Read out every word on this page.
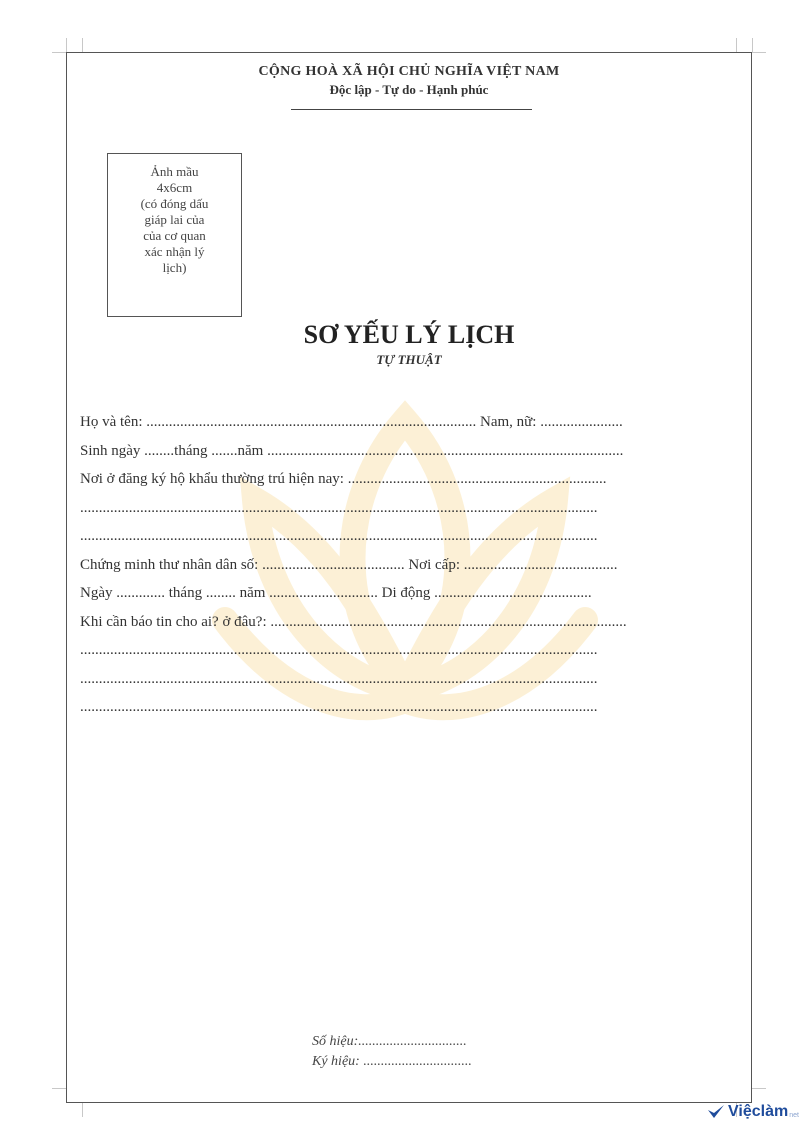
CỘNG HOÀ XÃ HỘI CHỦ NGHĨA VIỆT NAM
Độc lập - Tự do - Hạnh phúc
Ảnh mầu
4x6cm
(có đóng dấu
giáp lai của
của cơ quan
xác nhận lý
lịch)
SƠ YẾU LÝ LỊCH
TỰ THUẬT
Họ và tên: ........................................................................................ Nam, nữ: ......................
Sinh ngày ........tháng .......năm ...............................................................................................
Nơi ở đăng ký hộ khẩu thường trú hiện nay: .....................................................................
..........................................................................................................................................
..........................................................................................................................................
Chứng minh thư nhân dân số: ...................................... Nơi cấp: .........................................
Ngày ............. tháng ........ năm ............................. Di động ..........................................
Khi cần báo tin cho ai? ở đâu?: ...............................................................................................
..........................................................................................................................................
..........................................................................................................................................
..........................................................................................................................................
Số hiệu:...............................
Ký hiệu: ...............................
Việclàm net
